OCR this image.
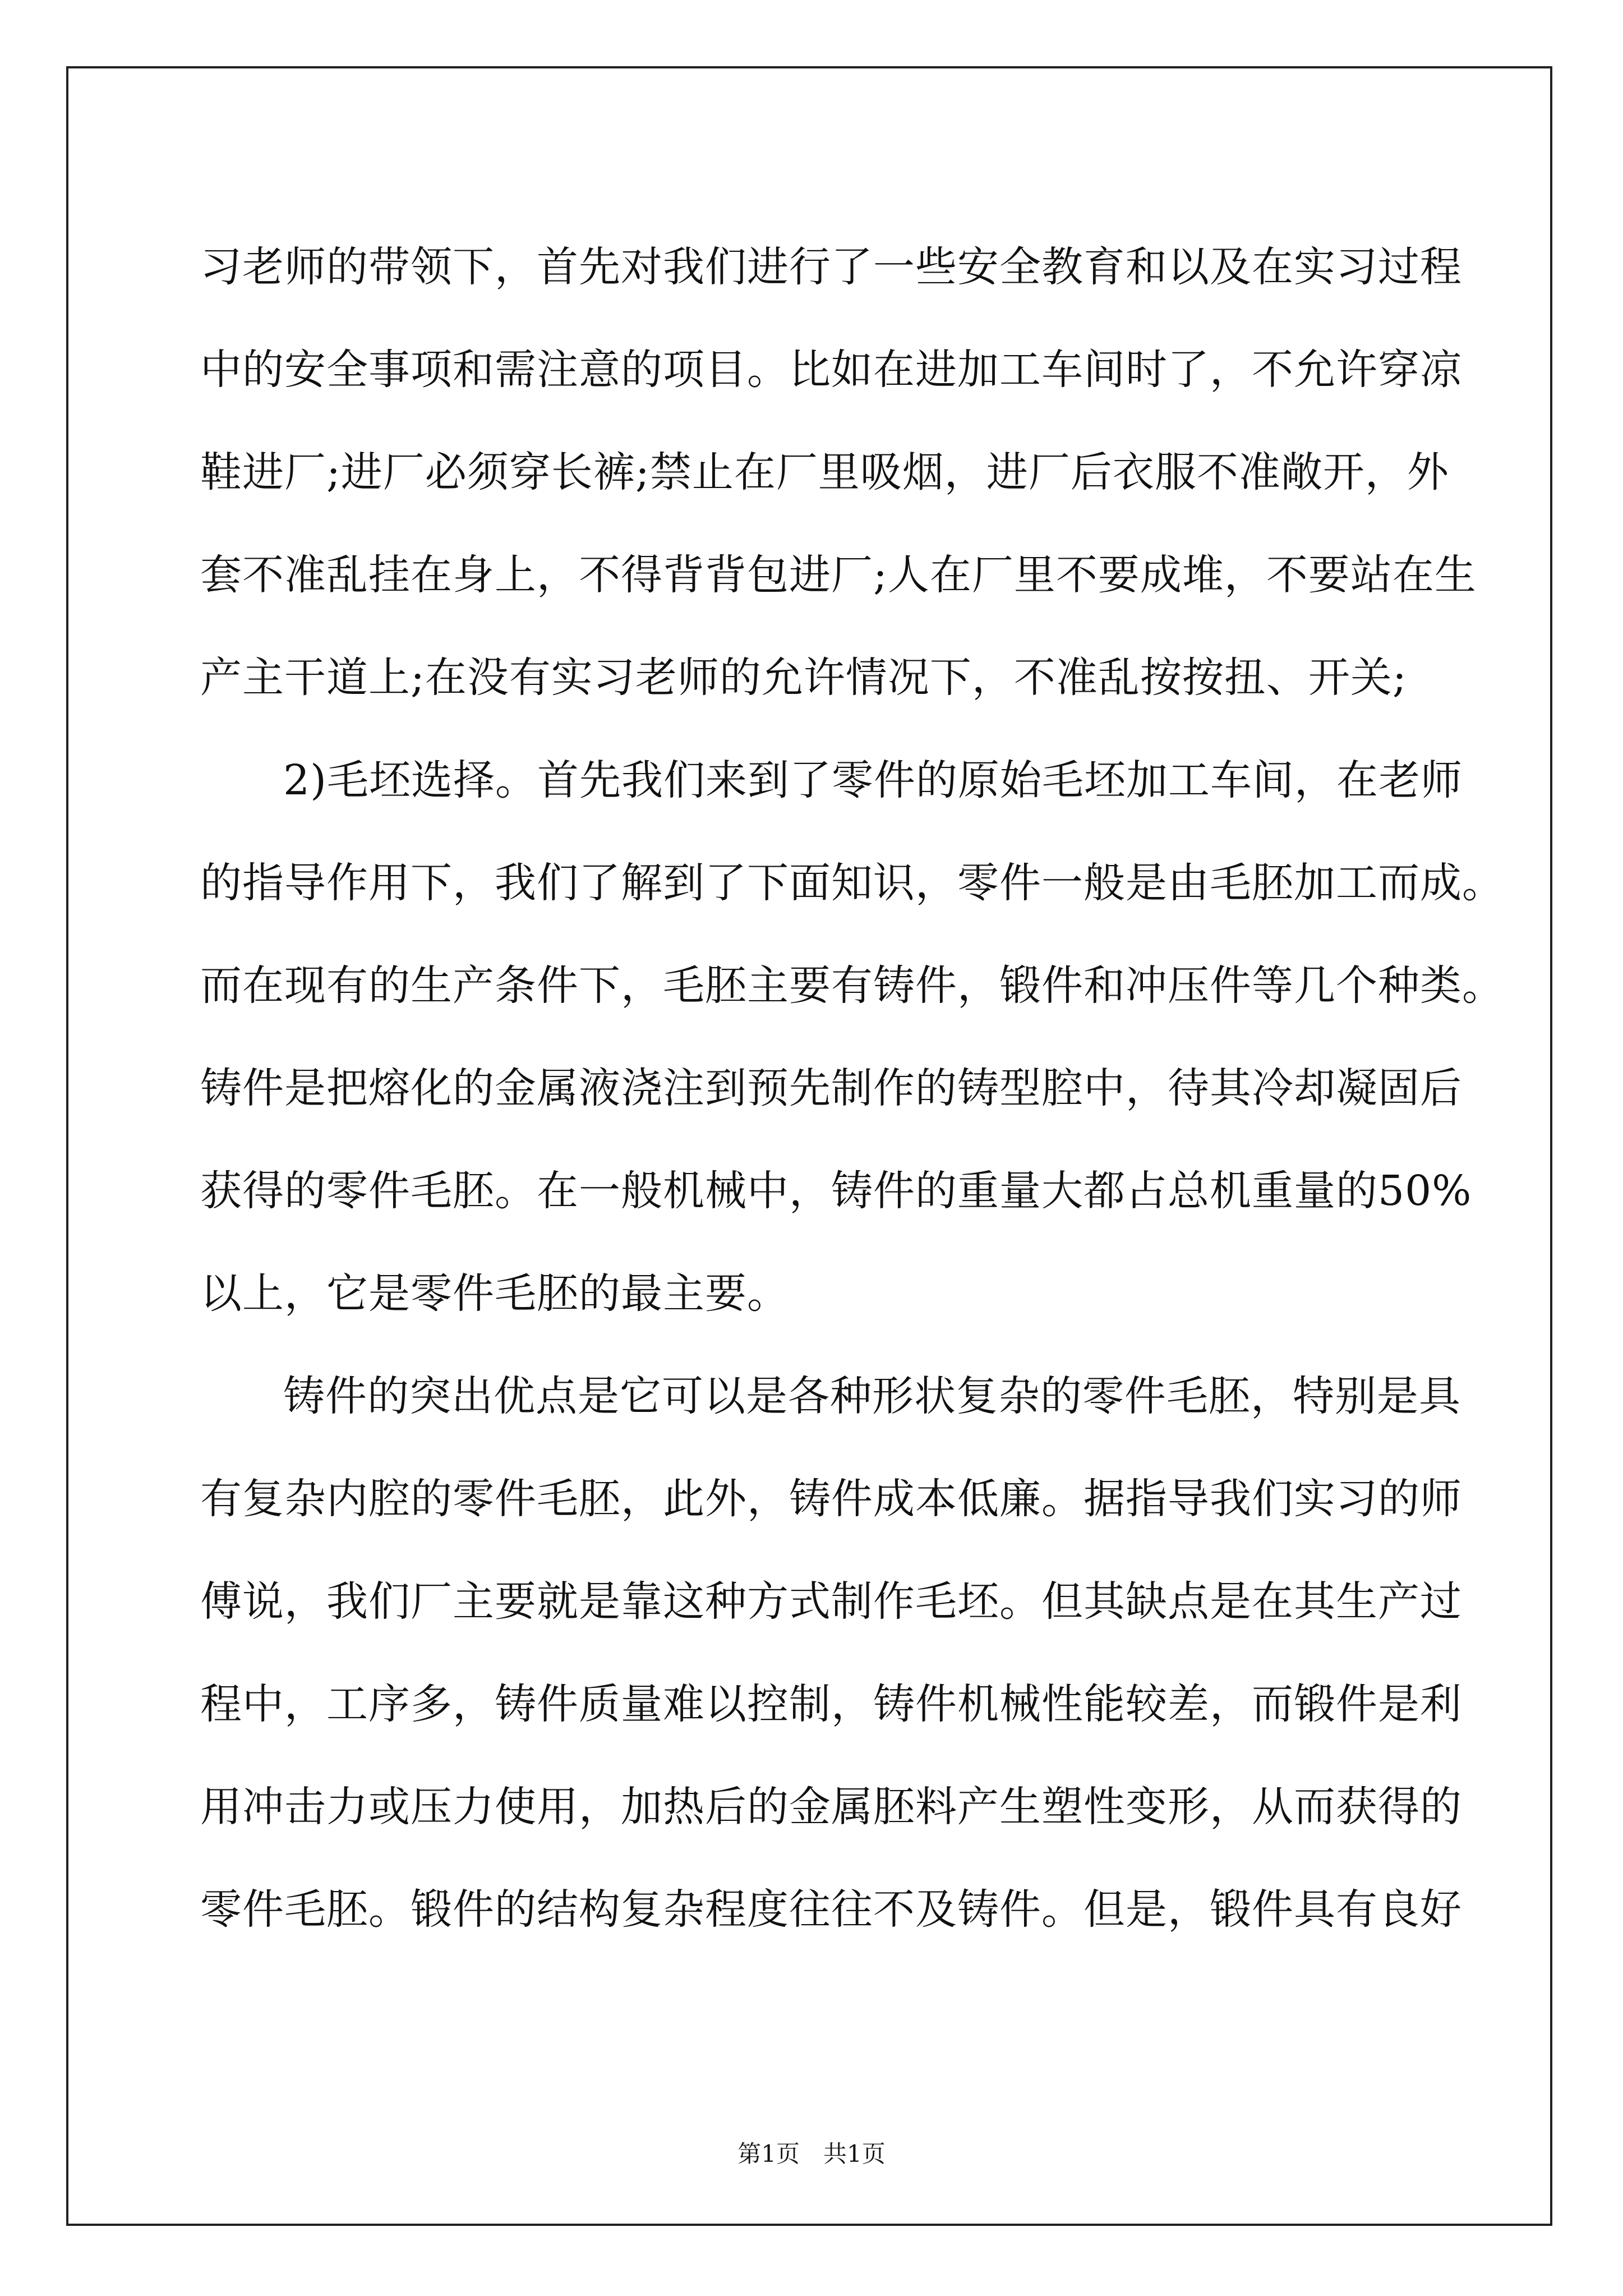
习老师的带领下，首先对我们进行了一些安全教育和以及在实习过程
中的安全事项和需注意的项目。比如在进加工车间时了，不允许穿凉
鞋进厂;进厂必须穿长裤;禁止在厂里吸烟，进厂后衣服不准敞开，外
套不准乱挂在身上，不得背背包进厂;人在厂里不要成堆，不要站在生
产主干道上;在没有实习老师的允许情况下，不准乱按按扭、开关;
2)毛坯选择。首先我们来到了零件的原始毛坯加工车间，在老师
的指导作用下，我们了解到了下面知识，零件一般是由毛胚加工而成。
而在现有的生产条件下，毛胚主要有铸件，锻件和冲压件等几个种类。
铸件是把熔化的金属液浇注到预先制作的铸型腔中，待其冷却凝固后
获得的零件毛胚。在一般机械中，铸件的重量大都占总机重量的50%
以上，它是零件毛胚的最主要。
铸件的突出优点是它可以是各种形状复杂的零件毛胚，特别是具
有复杂内腔的零件毛胚，此外，铸件成本低廉。据指导我们实习的师
傅说，我们厂主要就是靠这种方式制作毛坯。但其缺点是在其生产过
程中，工序多，铸件质量难以控制，铸件机械性能较差，而锻件是利
用冲击力或压力使用，加热后的金属胚料产生塑性变形，从而获得的
零件毛胚。锻件的结构复杂程度往往不及铸件。但是，锻件具有良好
第1页　共1页
